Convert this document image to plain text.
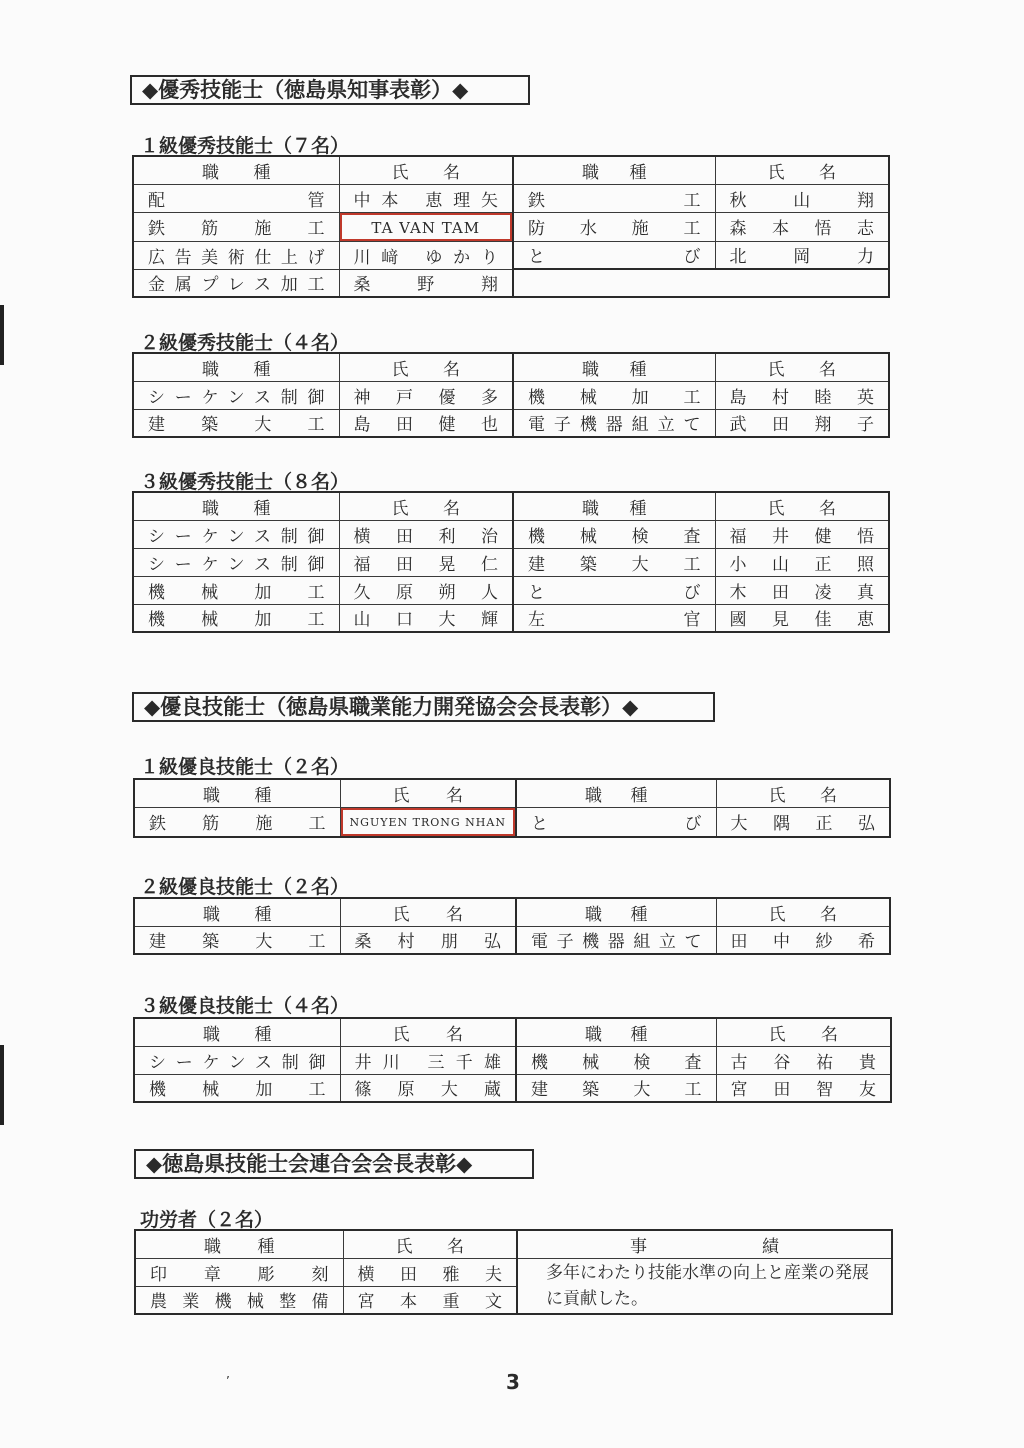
◆優秀技能士（徳島県知事表彰）◆
１級優秀技能士（７名）
職　種	氏　名	職　種	氏　名
配　管	中本 恵理矢	鉄　工	秋 山 翔
鉄 筋 施 工	TA VAN TAM	防 水 施 工	森 本 悟 志
広告美術仕上げ	川﨑 ゆかり	と　び	北 岡 力
金属プレス加工	桑 野 翔		
２級優秀技能士（４名）
職　種	氏　名	職　種	氏　名
シーケンス制御	神 戸 優 多	機 械 加 工	島 村 睦 英
建 築 大 工	島 田 健 也	電子機器組立て	武 田 翔 子
３級優秀技能士（８名）
職　種	氏　名	職　種	氏　名
シーケンス制御	横 田 利 治	機 械 検 査	福 井 健 悟
シーケンス制御	福 田 晃 仁	建 築 大 工	小 山 正 照
機 械 加 工	久 原 朔 人	と　び	木 田 凌 真
機 械 加 工	山 口 大 輝	左　官	國 見 佳 恵
◆優良技能士（徳島県職業能力開発協会会長表彰）◆
１級優良技能士（２名）
職　種	氏　名	職　種	氏　名
鉄 筋 施 工	NGUYEN TRONG NHAN	と　び	大 隅 正 弘
２級優良技能士（２名）
職　種	氏　名	職　種	氏　名
建 築 大 工	桑 村 朋 弘	電子機器組立て	田 中 紗 希
３級優良技能士（４名）
職　種	氏　名	職　種	氏　名
シーケンス制御	井川 三千雄	機 械 検 査	古 谷 祐 貴
機 械 加 工	篠 原 大 蔵	建 築 大 工	宮 田 智 友
◆徳島県技能士会連合会会長表彰◆
功労者（２名）
職　種	氏　名	事　績
印 章 彫 刻	横 田 雅 夫	多年にわたり技能水準の向上と産業の発展に貢献した。
農業機械整備	宮 本 重 文	
’	3
